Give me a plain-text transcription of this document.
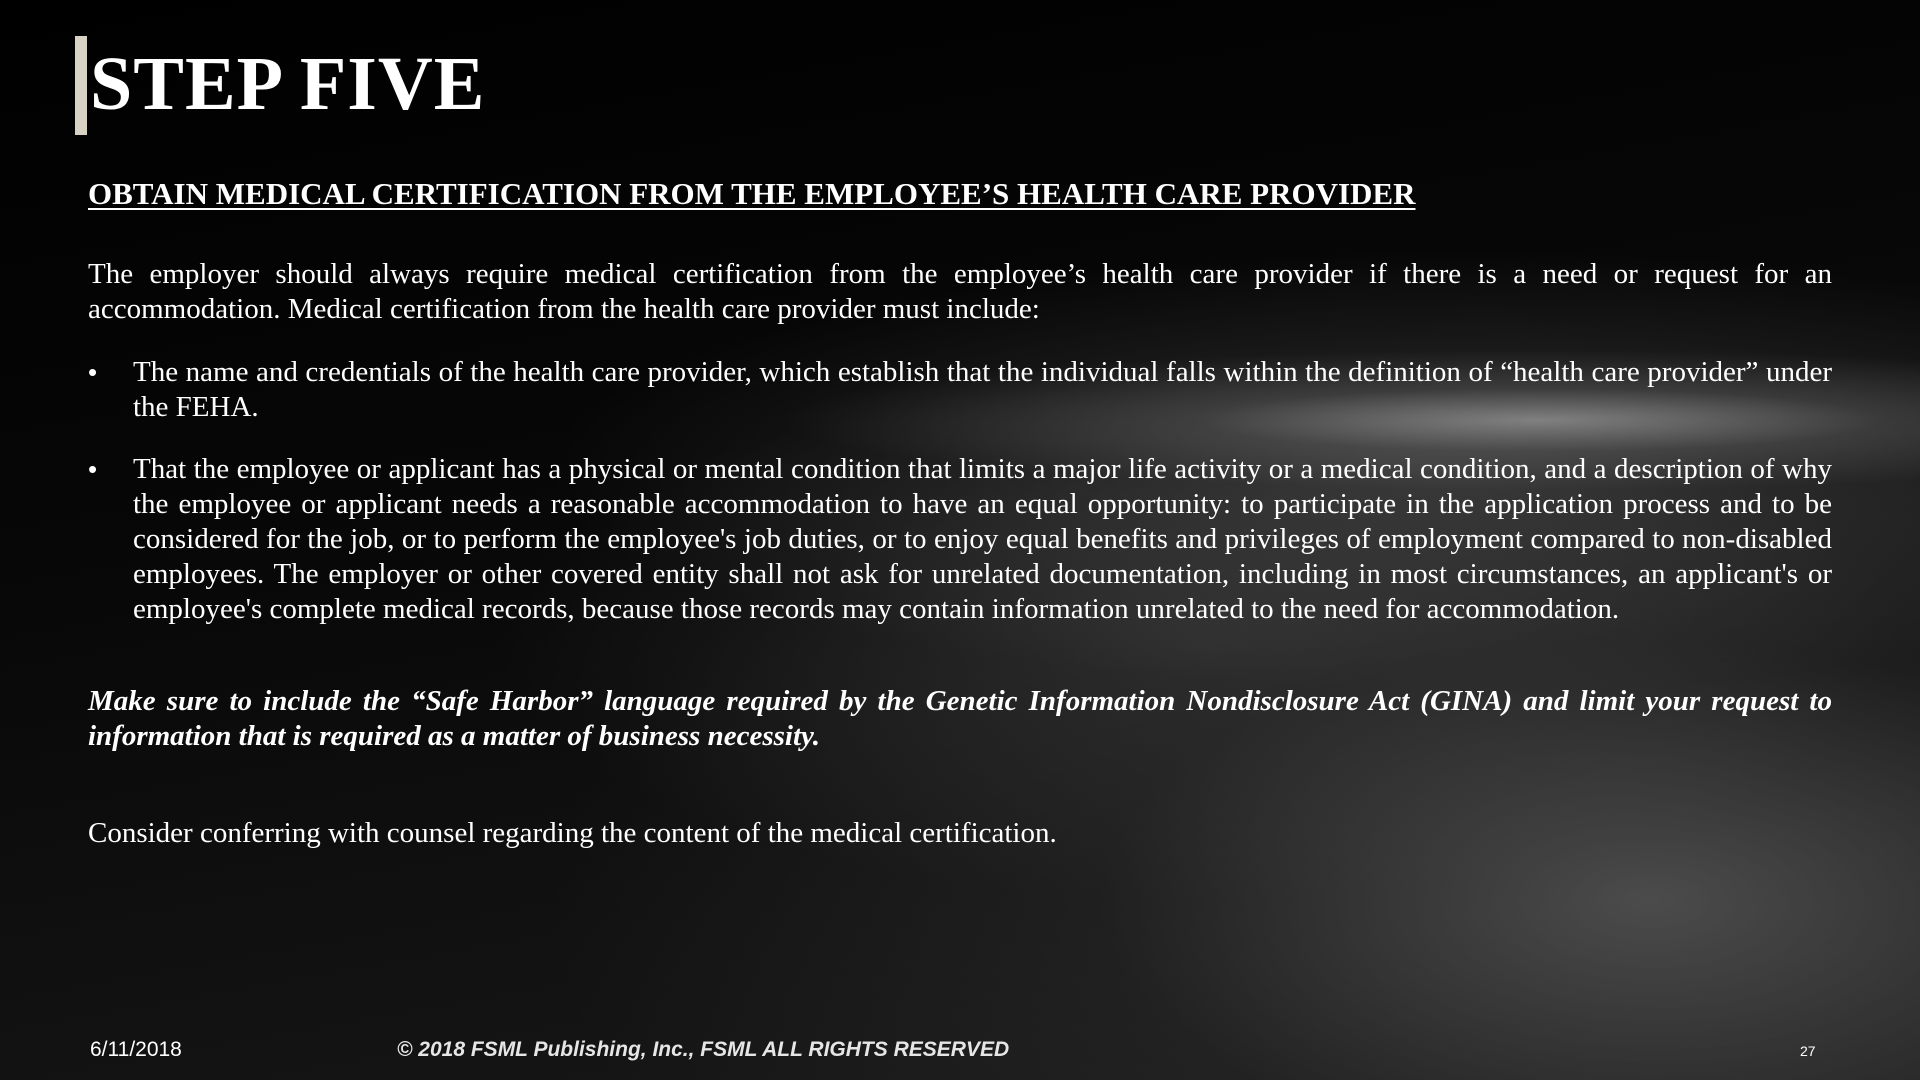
STEP FIVE
OBTAIN MEDICAL CERTIFICATION FROM THE EMPLOYEE’S HEALTH CARE PROVIDER

The employer should always require medical certification from the employee’s health care provider if there is a need or request for an accommodation. Medical certification from the health care provider must include:

• The name and credentials of the health care provider, which establish that the individual falls within the definition of “health care provider” under the FEHA.
• That the employee or applicant has a physical or mental condition that limits a major life activity or a medical condition, and a description of why the employee or applicant needs a reasonable accommodation to have an equal opportunity: to participate in the application process and to be considered for the job, or to perform the employee's job duties, or to enjoy equal benefits and privileges of employment compared to non-disabled employees. The employer or other covered entity shall not ask for unrelated documentation, including in most circumstances, an applicant's or employee's complete medical records, because those records may contain information unrelated to the need for accommodation.

Make sure to include the “Safe Harbor” language required by the Genetic Information Nondisclosure Act (GINA) and limit your request to information that is required as a matter of business necessity.

Consider conferring with counsel regarding the content of the medical certification.

6/11/2018	© 2018 FSML Publishing, Inc., FSML ALL RIGHTS RESERVED	27
